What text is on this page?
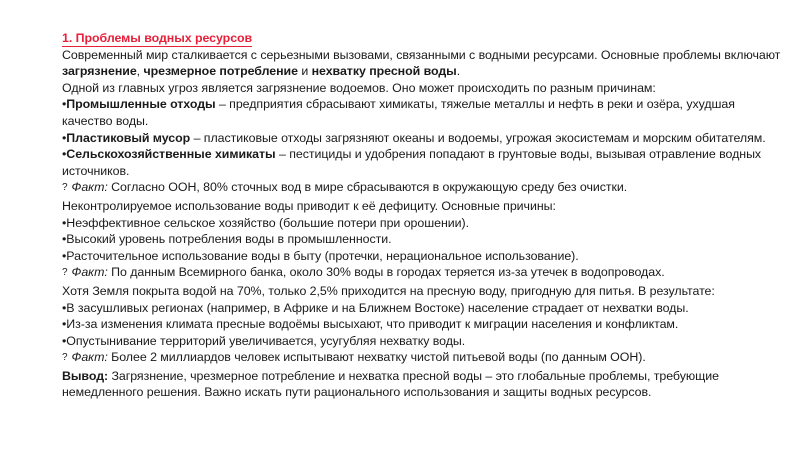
1. Проблемы водных ресурсов

Современный мир сталкивается с серьезными вызовами, связанными с водными ресурсами. Основные проблемы включают загрязнение, чрезмерное потребление и нехватку пресной воды.

Одной из главных угроз является загрязнение водоемов. Оно может происходить по разным причинам:

•Промышленные отходы – предприятия сбрасывают химикаты, тяжелые металлы и нефть в реки и озёра, ухудшая качество воды.

•Пластиковый мусор – пластиковые отходы загрязняют океаны и водоемы, угрожая экосистемам и морским обитателям.

•Сельскохозяйственные химикаты – пестициды и удобрения попадают в грунтовые воды, вызывая отравление водных источников.

? Факт: Согласно ООН, 80% сточных вод в мире сбрасываются в окружающую среду без очистки.

Неконтролируемое использование воды приводит к её дефициту. Основные причины:

•Неэффективное сельское хозяйство (большие потери при орошении).

•Высокий уровень потребления воды в промышленности.

•Расточительное использование воды в быту (протечки, нерациональное использование).

? Факт: По данным Всемирного банка, около 30% воды в городах теряется из-за утечек в водопроводах.

Хотя Земля покрыта водой на 70%, только 2,5% приходится на пресную воду, пригодную для питья. В результате:

•В засушливых регионах (например, в Африке и на Ближнем Востоке) население страдает от нехватки воды.

•Из-за изменения климата пресные водоёмы высыхают, что приводит к миграции населения и конфликтам.

•Опустынивание территорий увеличивается, усугубляя нехватку воды.

? Факт: Более 2 миллиардов человек испытывают нехватку чистой питьевой воды (по данным ООН).

Вывод: Загрязнение, чрезмерное потребление и нехватка пресной воды – это глобальные проблемы, требующие немедленного решения. Важно искать пути рационального использования и защиты водных ресурсов.
